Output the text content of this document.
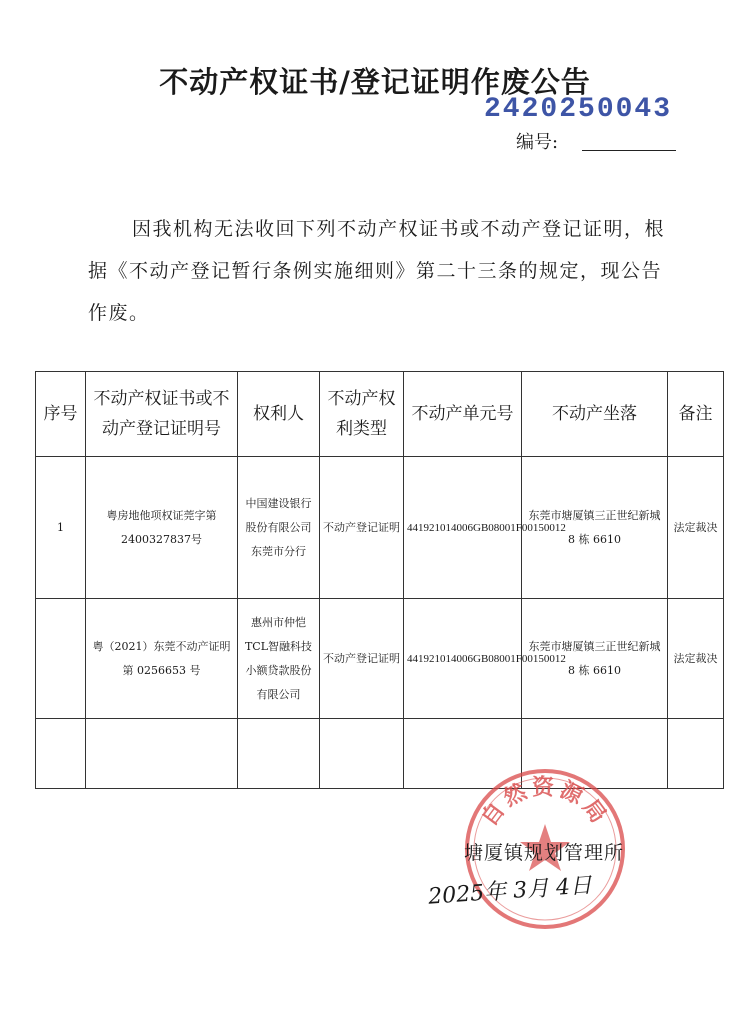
不动产权证书/登记证明作废公告
2420250043
编号:
因我机构无法收回下列不动产权证书或不动产登记证明，根据《不动产登记暂行条例实施细则》第二十三条的规定，现公告作废。
序号	不动产权证书或不动产登记证明号	权利人	不动产权利类型	不动产单元号	不动产坐落	备注
1	粤房地他项权证莞字第2400327837号	中国建设银行股份有限公司东莞市分行	不动产登记证明	441921014006GB08001F00150012	东莞市塘厦镇三正世纪新城 8 栋 6610	法定裁决
	粤（2021）东莞不动产证明第 0256653 号	惠州市仲恺TCL智融科技小额贷款股份有限公司	不动产登记证明	441921014006GB08001F00150012	东莞市塘厦镇三正世纪新城 8 栋 6610	法定裁决

自然资源局
塘厦镇规划管理所
2025年 3月 4日
